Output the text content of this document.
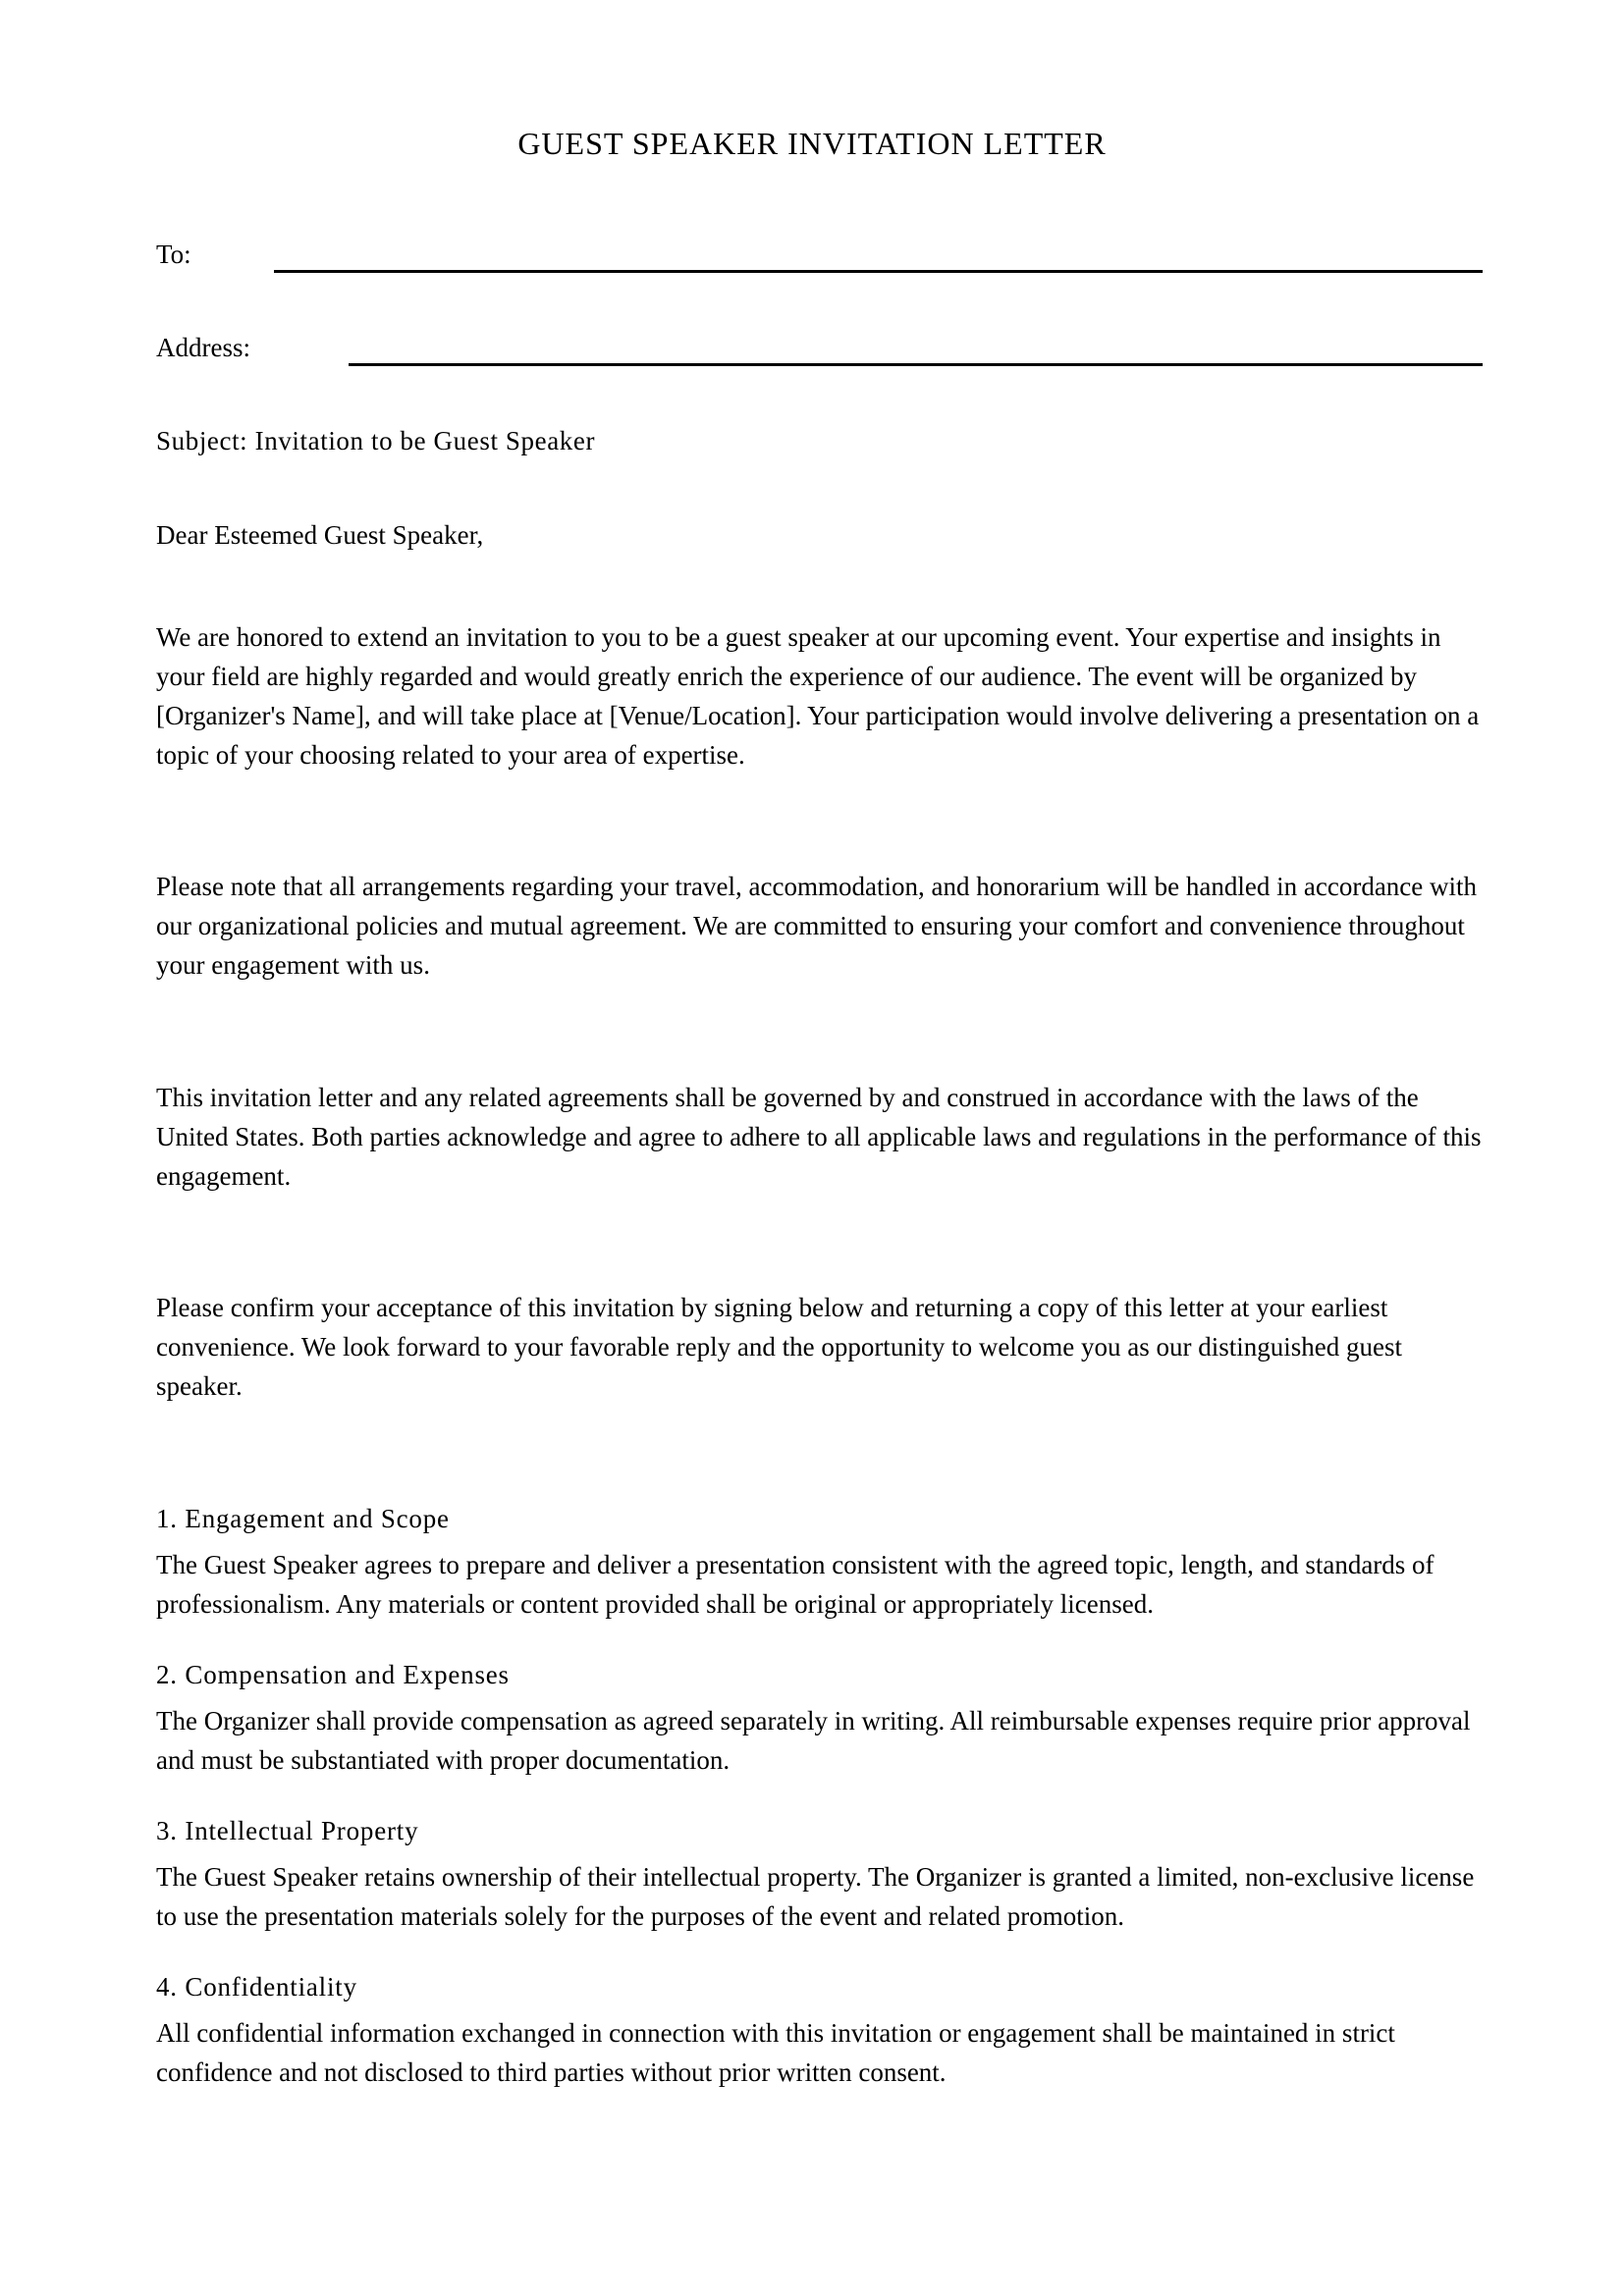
GUEST SPEAKER INVITATION LETTER
To:
Address:
Subject: Invitation to be Guest Speaker
Dear Esteemed Guest Speaker,

We are honored to extend an invitation to you to be a guest speaker at our upcoming event. Your expertise and insights in your field are highly regarded and would greatly enrich the experience of our audience. The event will be organized by [Organizer's Name], and will take place at [Venue/Location]. Your participation would involve delivering a presentation on a topic of your choosing related to your area of expertise.

Please note that all arrangements regarding your travel, accommodation, and honorarium will be handled in accordance with our organizational policies and mutual agreement. We are committed to ensuring your comfort and convenience throughout your engagement with us.

This invitation letter and any related agreements shall be governed by and construed in accordance with the laws of the United States. Both parties acknowledge and agree to adhere to all applicable laws and regulations in the performance of this engagement.

Please confirm your acceptance of this invitation by signing below and returning a copy of this letter at your earliest convenience. We look forward to your favorable reply and the opportunity to welcome you as our distinguished guest speaker.

1. Engagement and Scope

The Guest Speaker agrees to prepare and deliver a presentation consistent with the agreed topic, length, and standards of professionalism. Any materials or content provided shall be original or appropriately licensed.

2. Compensation and Expenses

The Organizer shall provide compensation as agreed separately in writing. All reimbursable expenses require prior approval and must be substantiated with proper documentation.

3. Intellectual Property

The Guest Speaker retains ownership of their intellectual property. The Organizer is granted a limited, non-exclusive license to use the presentation materials solely for the purposes of the event and related promotion.

4. Confidentiality

All confidential information exchanged in connection with this invitation or engagement shall be maintained in strict confidence and not disclosed to third parties without prior written consent.
